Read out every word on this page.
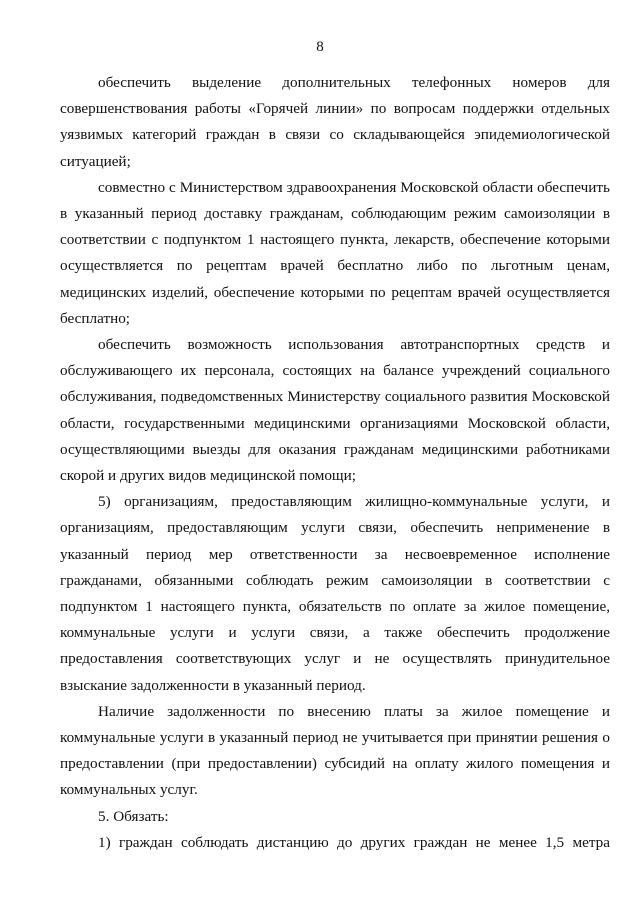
8

обеспечить выделение дополнительных телефонных номеров для совершенствования работы «Горячей линии» по вопросам поддержки отдельных уязвимых категорий граждан в связи со складывающейся эпидемиологической ситуацией;

совместно с Министерством здравоохранения Московской области обеспечить в указанный период доставку гражданам, соблюдающим режим самоизоляции в соответствии с подпунктом 1 настоящего пункта, лекарств, обеспечение которыми осуществляется по рецептам врачей бесплатно либо по льготным ценам, медицинских изделий, обеспечение которыми по рецептам врачей осуществляется бесплатно;

обеспечить возможность использования автотранспортных средств и обслуживающего их персонала, состоящих на балансе учреждений социального обслуживания, подведомственных Министерству социального развития Московской области, государственными медицинскими организациями Московской области, осуществляющими выезды для оказания гражданам медицинскими работниками скорой и других видов медицинской помощи;

5) организациям, предоставляющим жилищно-коммунальные услуги, и организациям, предоставляющим услуги связи, обеспечить неприменение в указанный период мер ответственности за несвоевременное исполнение гражданами, обязанными соблюдать режим самоизоляции в соответствии с подпунктом 1 настоящего пункта, обязательств по оплате за жилое помещение, коммунальные услуги и услуги связи, а также обеспечить продолжение предоставления соответствующих услуг и не осуществлять принудительное взыскание задолженности в указанный период.

Наличие задолженности по внесению платы за жилое помещение и коммунальные услуги в указанный период не учитывается при принятии решения о предоставлении (при предоставлении) субсидий на оплату жилого помещения и коммунальных услуг.

5. Обязать:

1) граждан соблюдать дистанцию до других граждан не менее 1,5 метра
